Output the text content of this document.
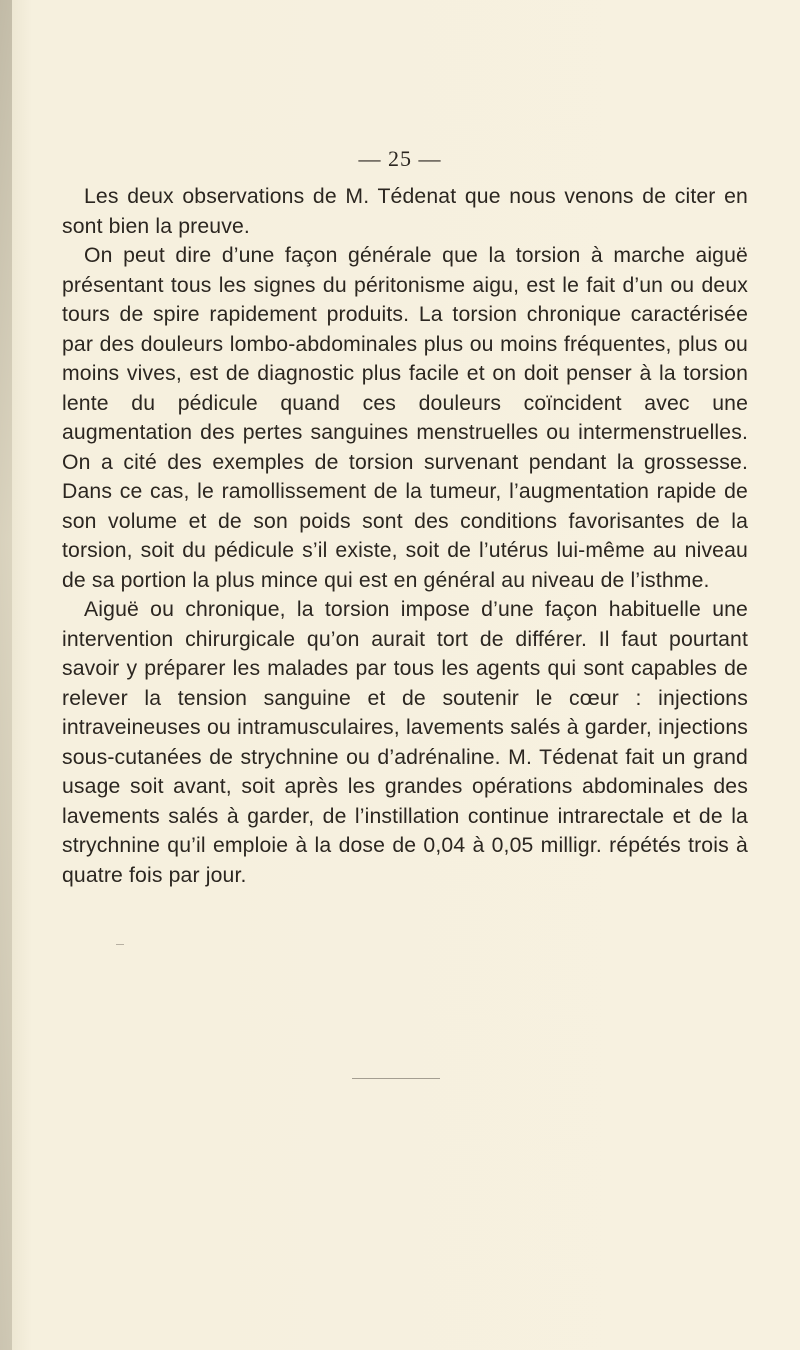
— 25 —

Les deux observations de M. Tédenat que nous venons de citer en sont bien la preuve.

On peut dire d’une façon générale que la torsion à marche aiguë présentant tous les signes du péritonisme aigu, est le fait d’un ou deux tours de spire rapidement produits. La torsion chronique caractérisée par des douleurs lombo-abdominales plus ou moins fréquentes, plus ou moins vives, est de diagnostic plus facile et on doit penser à la torsion lente du pédicule quand ces douleurs coïncident avec une augmentation des pertes sanguines menstruelles ou intermenstruelles. On a cité des exemples de torsion survenant pendant la grossesse. Dans ce cas, le ramollissement de la tumeur, l’augmentation rapide de son volume et de son poids sont des conditions favorisantes de la torsion, soit du pédicule s’il existe, soit de l’utérus lui-même au niveau de sa portion la plus mince qui est en général au niveau de l’isthme.

Aiguë ou chronique, la torsion impose d’une façon habituelle une intervention chirurgicale qu’on aurait tort de différer. Il faut pourtant savoir y préparer les malades par tous les agents qui sont capables de relever la tension sanguine et de soutenir le cœur : injections intraveineuses ou intramusculaires, lavements salés à garder, injections sous-cutanées de strychnine ou d’adrénaline. M. Tédenat fait un grand usage soit avant, soit après les grandes opérations abdominales des lavements salés à garder, de l’instillation continue intrarectale et de la strychnine qu’il emploie à la dose de 0,04 à 0,05 milligr. répétés trois à quatre fois par jour.
